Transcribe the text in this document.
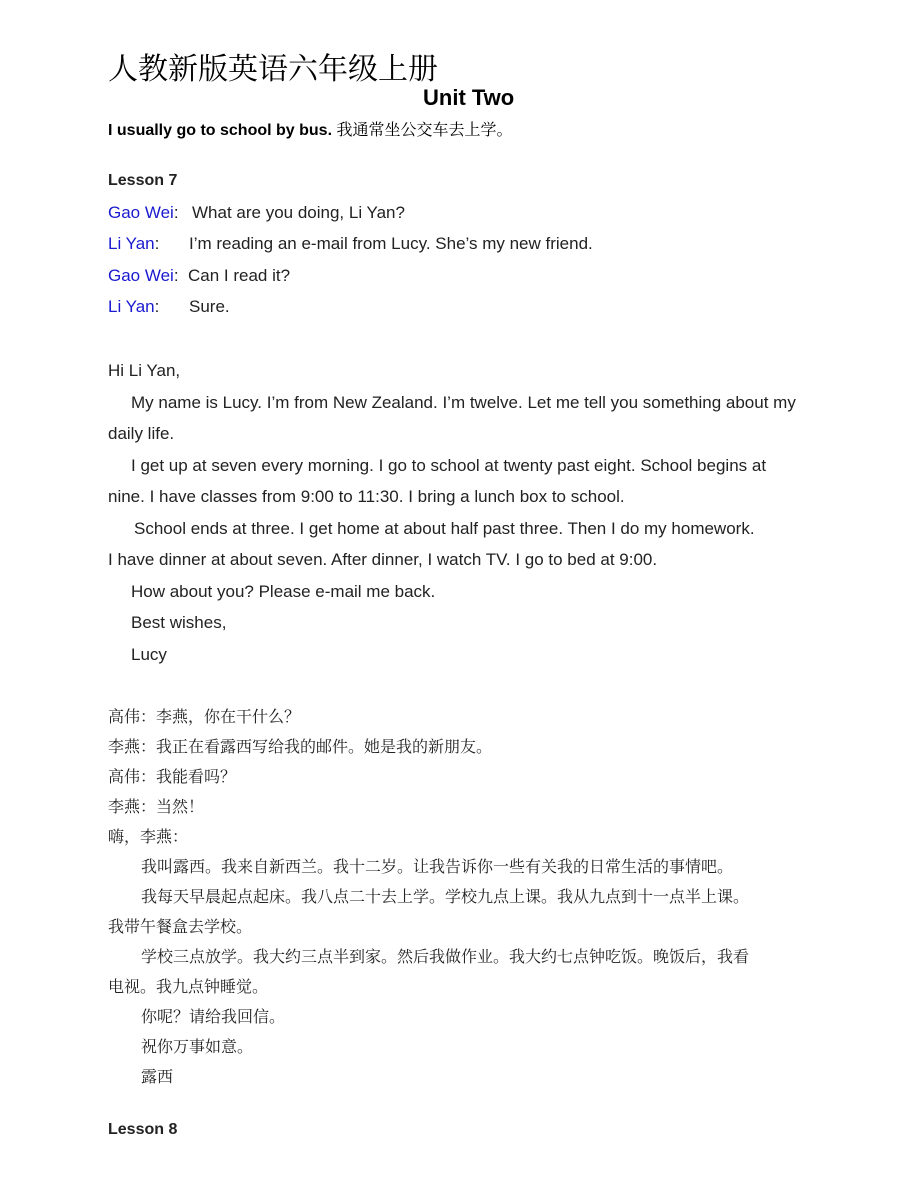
人教新版英语六年级上册
Unit Two
I usually go to school by bus. 我通常坐公交车去上学。
Lesson 7
Gao Wei: What are you doing, Li Yan?
Li Yan: I’m reading an e-mail from Lucy. She’s my new friend.
Gao Wei: Can I read it?
Li Yan: Sure.
Hi Li Yan,
My name is Lucy. I’m from New Zealand. I’m twelve. Let me tell you something about my
daily life.
I get up at seven every morning. I go to school at twenty past eight. School begins at
nine. I have classes from 9:00 to 11:30. I bring a lunch box to school.
School ends at three. I get home at about half past three. Then I do my homework.
I have dinner at about seven. After dinner, I watch TV. I go to bed at 9:00.
How about you? Please e-mail me back.
Best wishes,
Lucy
高伟：李燕，你在干什么？
李燕：我正在看露西写给我的邮件。她是我的新朋友。
高伟：我能看吗？
李燕：当然！
嗨，李燕：
我叫露西。我来自新西兰。我十二岁。让我告诉你一些有关我的日常生活的事情吧。
我每天早晨起点起床。我八点二十去上学。学校九点上课。我从九点到十一点半上课。
我带午餐盒去学校。
学校三点放学。我大约三点半到家。然后我做作业。我大约七点钟吃饭。晚饭后，我看
电视。我九点钟睡觉。
你呢？请给我回信。
祝你万事如意。
露西
Lesson 8
